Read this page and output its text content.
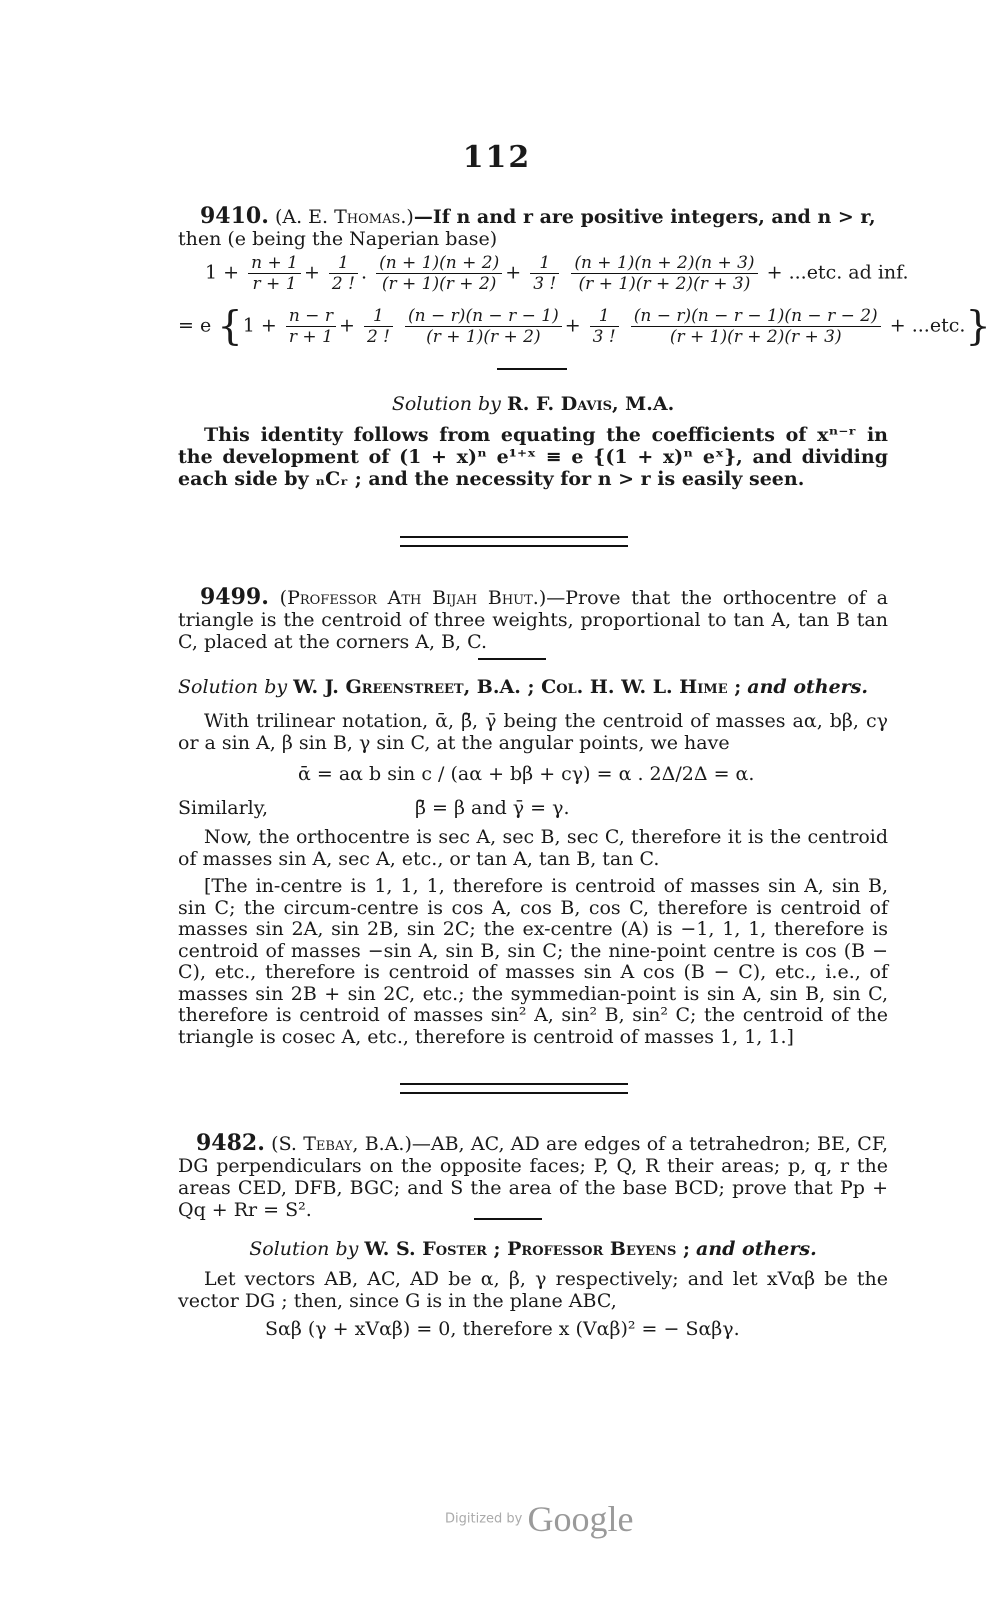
112
9410. (A. E. Thomas.)—If n and r are positive integers, and n > r,
then (e being the Naperian base)
$1 + \frac{n + 1}{r + 1} + \frac{1}{2 !}$ . $\frac{(n + 1)(n + 2)}{(r + 1)(r + 2)} + \frac{1}{3 !}$
$\frac{(n + 1)(n + 2)(n + 3)}{(r + 1)(r + 2)(r + 3)} + ...etc$. ad inf.
= e {$1 + \frac{n - r}{r + 1} + \frac{1}{2 !}$
$\frac{(n - r)(n - r - 1)}{(r + 1)(r + 2)} + \frac{1}{3 !}$
$\frac{(n - r)(n - r - 1)(n - r - 2)}{(r + 1)(r + 2)(r + 3)} + ...etc$.}
Solution by R. F. Davis, M.A.
This identity follows from equating the coefficients of xⁿ⁻ʳ in the development of (1 + x)ⁿ e¹⁺ˣ ≡ e {(1 + x)ⁿ eˣ}, and dividing each side by ₙCᵣ ; and the necessity for n > r is easily seen.
9499. (Professor Ath Bijah Bhut.)—Prove that the orthocentre of a triangle is the centroid of three weights, proportional to tan A, tan B tan C, placed at the corners A, B, C.
Solution by W. J. Greenstreet, B.A. ; Col. H. W. L. Hime ; and others.
With trilinear notation, ᾱ, β̄, γ̄ being the centroid of masses aα, bβ, cγ or a sin A, β sin B, γ sin C, at the angular points, we have
ᾱ = aα b sin c / (aα + bβ + cγ) = α . 2Δ/2Δ = α.
Similarly,	β̄ = β and γ̄ = γ.
Now, the orthocentre is sec A, sec B, sec C, therefore it is the centroid of masses sin A, sec A, etc., or tan A, tan B, tan C.
[The in-centre is 1, 1, 1, therefore is centroid of masses sin A, sin B, sin C; the circum-centre is cos A, cos B, cos C, therefore is centroid of masses sin 2A, sin 2B, sin 2C; the ex-centre (A) is −1, 1, 1, therefore is centroid of masses −sin A, sin B, sin C; the nine-point centre is cos (B − C), etc., therefore is centroid of masses sin A cos (B − C), etc., i.e., of masses sin 2B + sin 2C, etc.; the symmedian-point is sin A, sin B, sin C, therefore is centroid of masses sin² A, sin² B, sin² C; the centroid of the triangle is cosec A, etc., therefore is centroid of masses 1, 1, 1.]
9482. (S. Tebay, B.A.)—AB, AC, AD are edges of a tetrahedron; BE, CF, DG perpendiculars on the opposite faces; P, Q, R their areas; p, q, r the areas CED, DFB, BGC; and S the area of the base BCD; prove that Pp + Qq + Rr = S².
Solution by W. S. Foster ; Professor Beyens ; and others.
Let vectors AB, AC, AD be α, β, γ respectively; and let xVαβ be the vector DG ; then, since G is in the plane ABC,
Sαβ (γ + xVαβ) = 0, therefore x (Vαβ)² = − Sαβγ.
Digitized by Google
